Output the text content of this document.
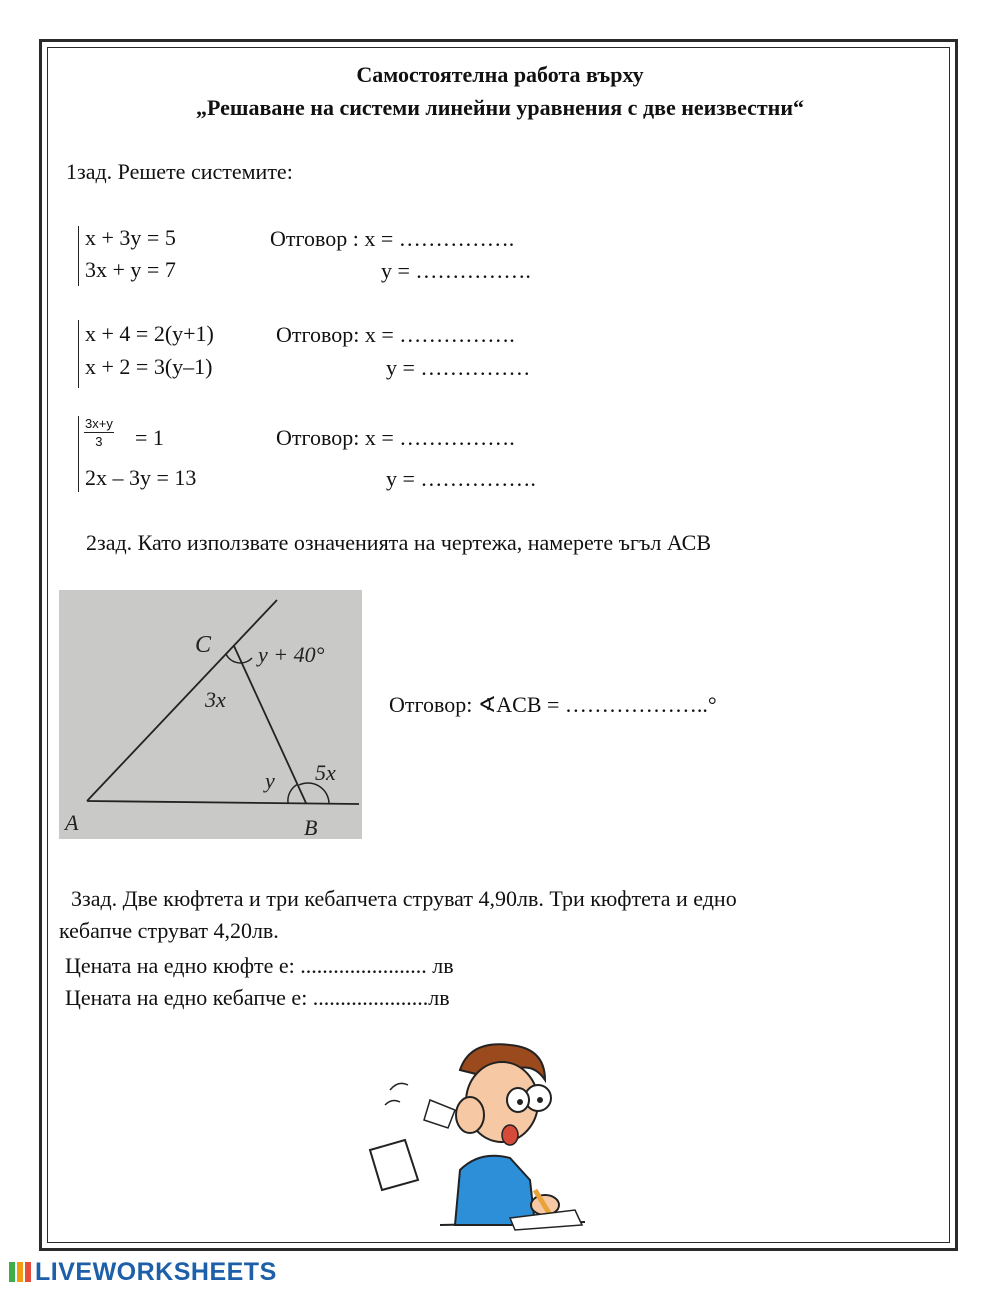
Самостоятелна работа върху
„Решаване на системи линейни уравнения с две неизвестни“
1зад. Решете системите:
x + 3y = 5
3x + y = 7
Отговор : x = …………….
y = …………….
x + 4 = 2(y+1)
x + 2 = 3(y–1)
Отговор: x = …………….
y = ……………
$\frac{3x+y}{3} = 1$
2x – 3y = 13
Отговор: x = …………….
y = …………….
2зад. Като използвате означенията на чертежа, намерете ъгъл АСВ
C y + 40°
3x
y 5x
A	B
Отговор: ∢ACB = ………………..°
3зад. Две кюфтета и три кебапчета струват 4,90лв. Три кюфтета и едно
кебапче струват 4,20лв.
Цената на едно кюфте е: ....................... лв
Цената на едно кебапче е: .....................лв
LIVEWORKSHEETS
